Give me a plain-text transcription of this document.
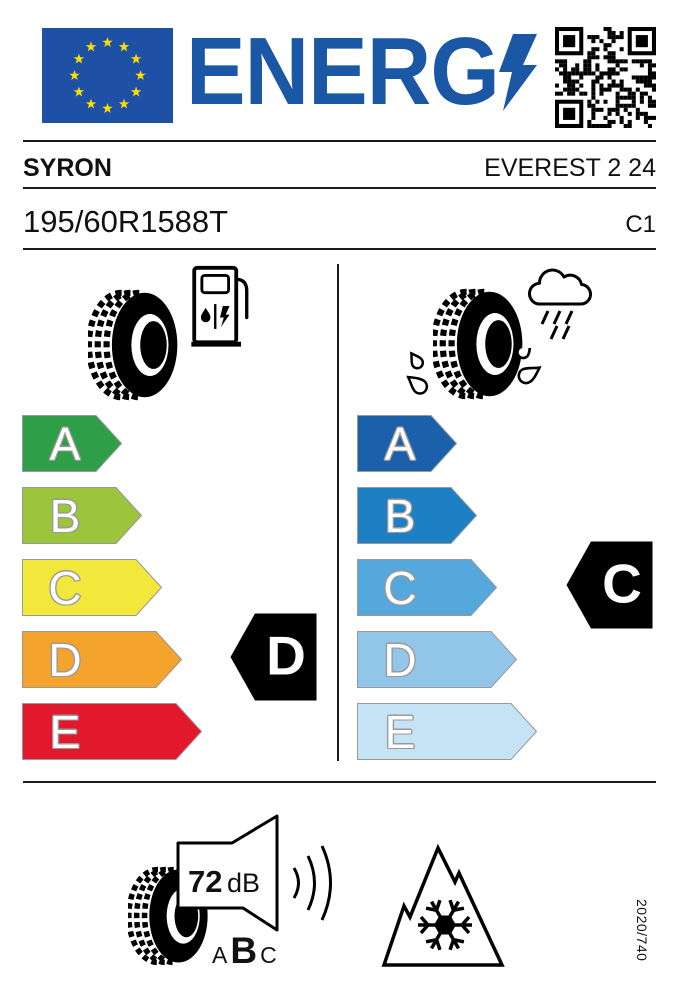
ENERG
SYRON	EVEREST 2 24
195/60R1588T	C1
A
B
C
D
E
D
A
B
C
D
E
C
72 dB
A B C	2020/740
